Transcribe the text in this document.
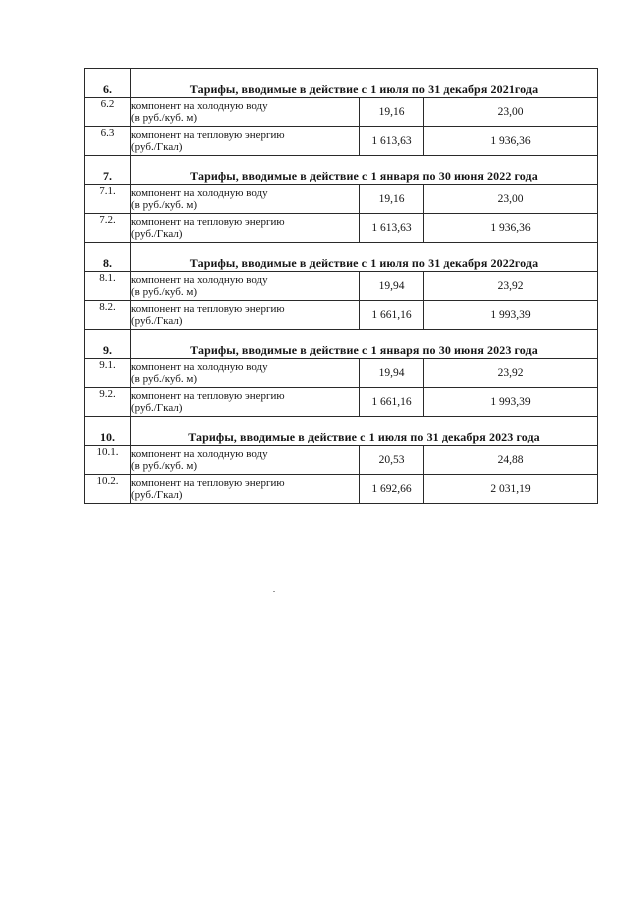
6.	Тарифы, вводимые в действие с 1 июля по 31 декабря 2021года		
6.2	компонент на холодную воду
(в руб./куб. м)	19,16	23,00
6.3	компонент на тепловую энергию
(руб./Гкал)	1 613,63	1 936,36
7.	Тарифы, вводимые в действие с 1 января по 30 июня 2022 года		
7.1.	компонент на холодную воду
(в руб./куб. м)	19,16	23,00
7.2.	компонент на тепловую энергию
(руб./Гкал)	1 613,63	1 936,36
8.	Тарифы, вводимые в действие с 1 июля по 31 декабря 2022года		
8.1.	компонент на холодную воду
(в руб./куб. м)	19,94	23,92
8.2.	компонент на тепловую энергию
(руб./Гкал)	1 661,16	1 993,39
9.	Тарифы, вводимые в действие с 1 января по 30 июня 2023 года		
9.1.	компонент на холодную воду
(в руб./куб. м)	19,94	23,92
9.2.	компонент на тепловую энергию
(руб./Гкал)	1 661,16	1 993,39
10.	Тарифы, вводимые в действие с 1 июля по 31 декабря 2023 года		
10.1.	компонент на холодную воду
(в руб./куб. м)	20,53	24,88
10.2.	компонент на тепловую энергию
(руб./Гкал)	1 692,66	2 031,19
